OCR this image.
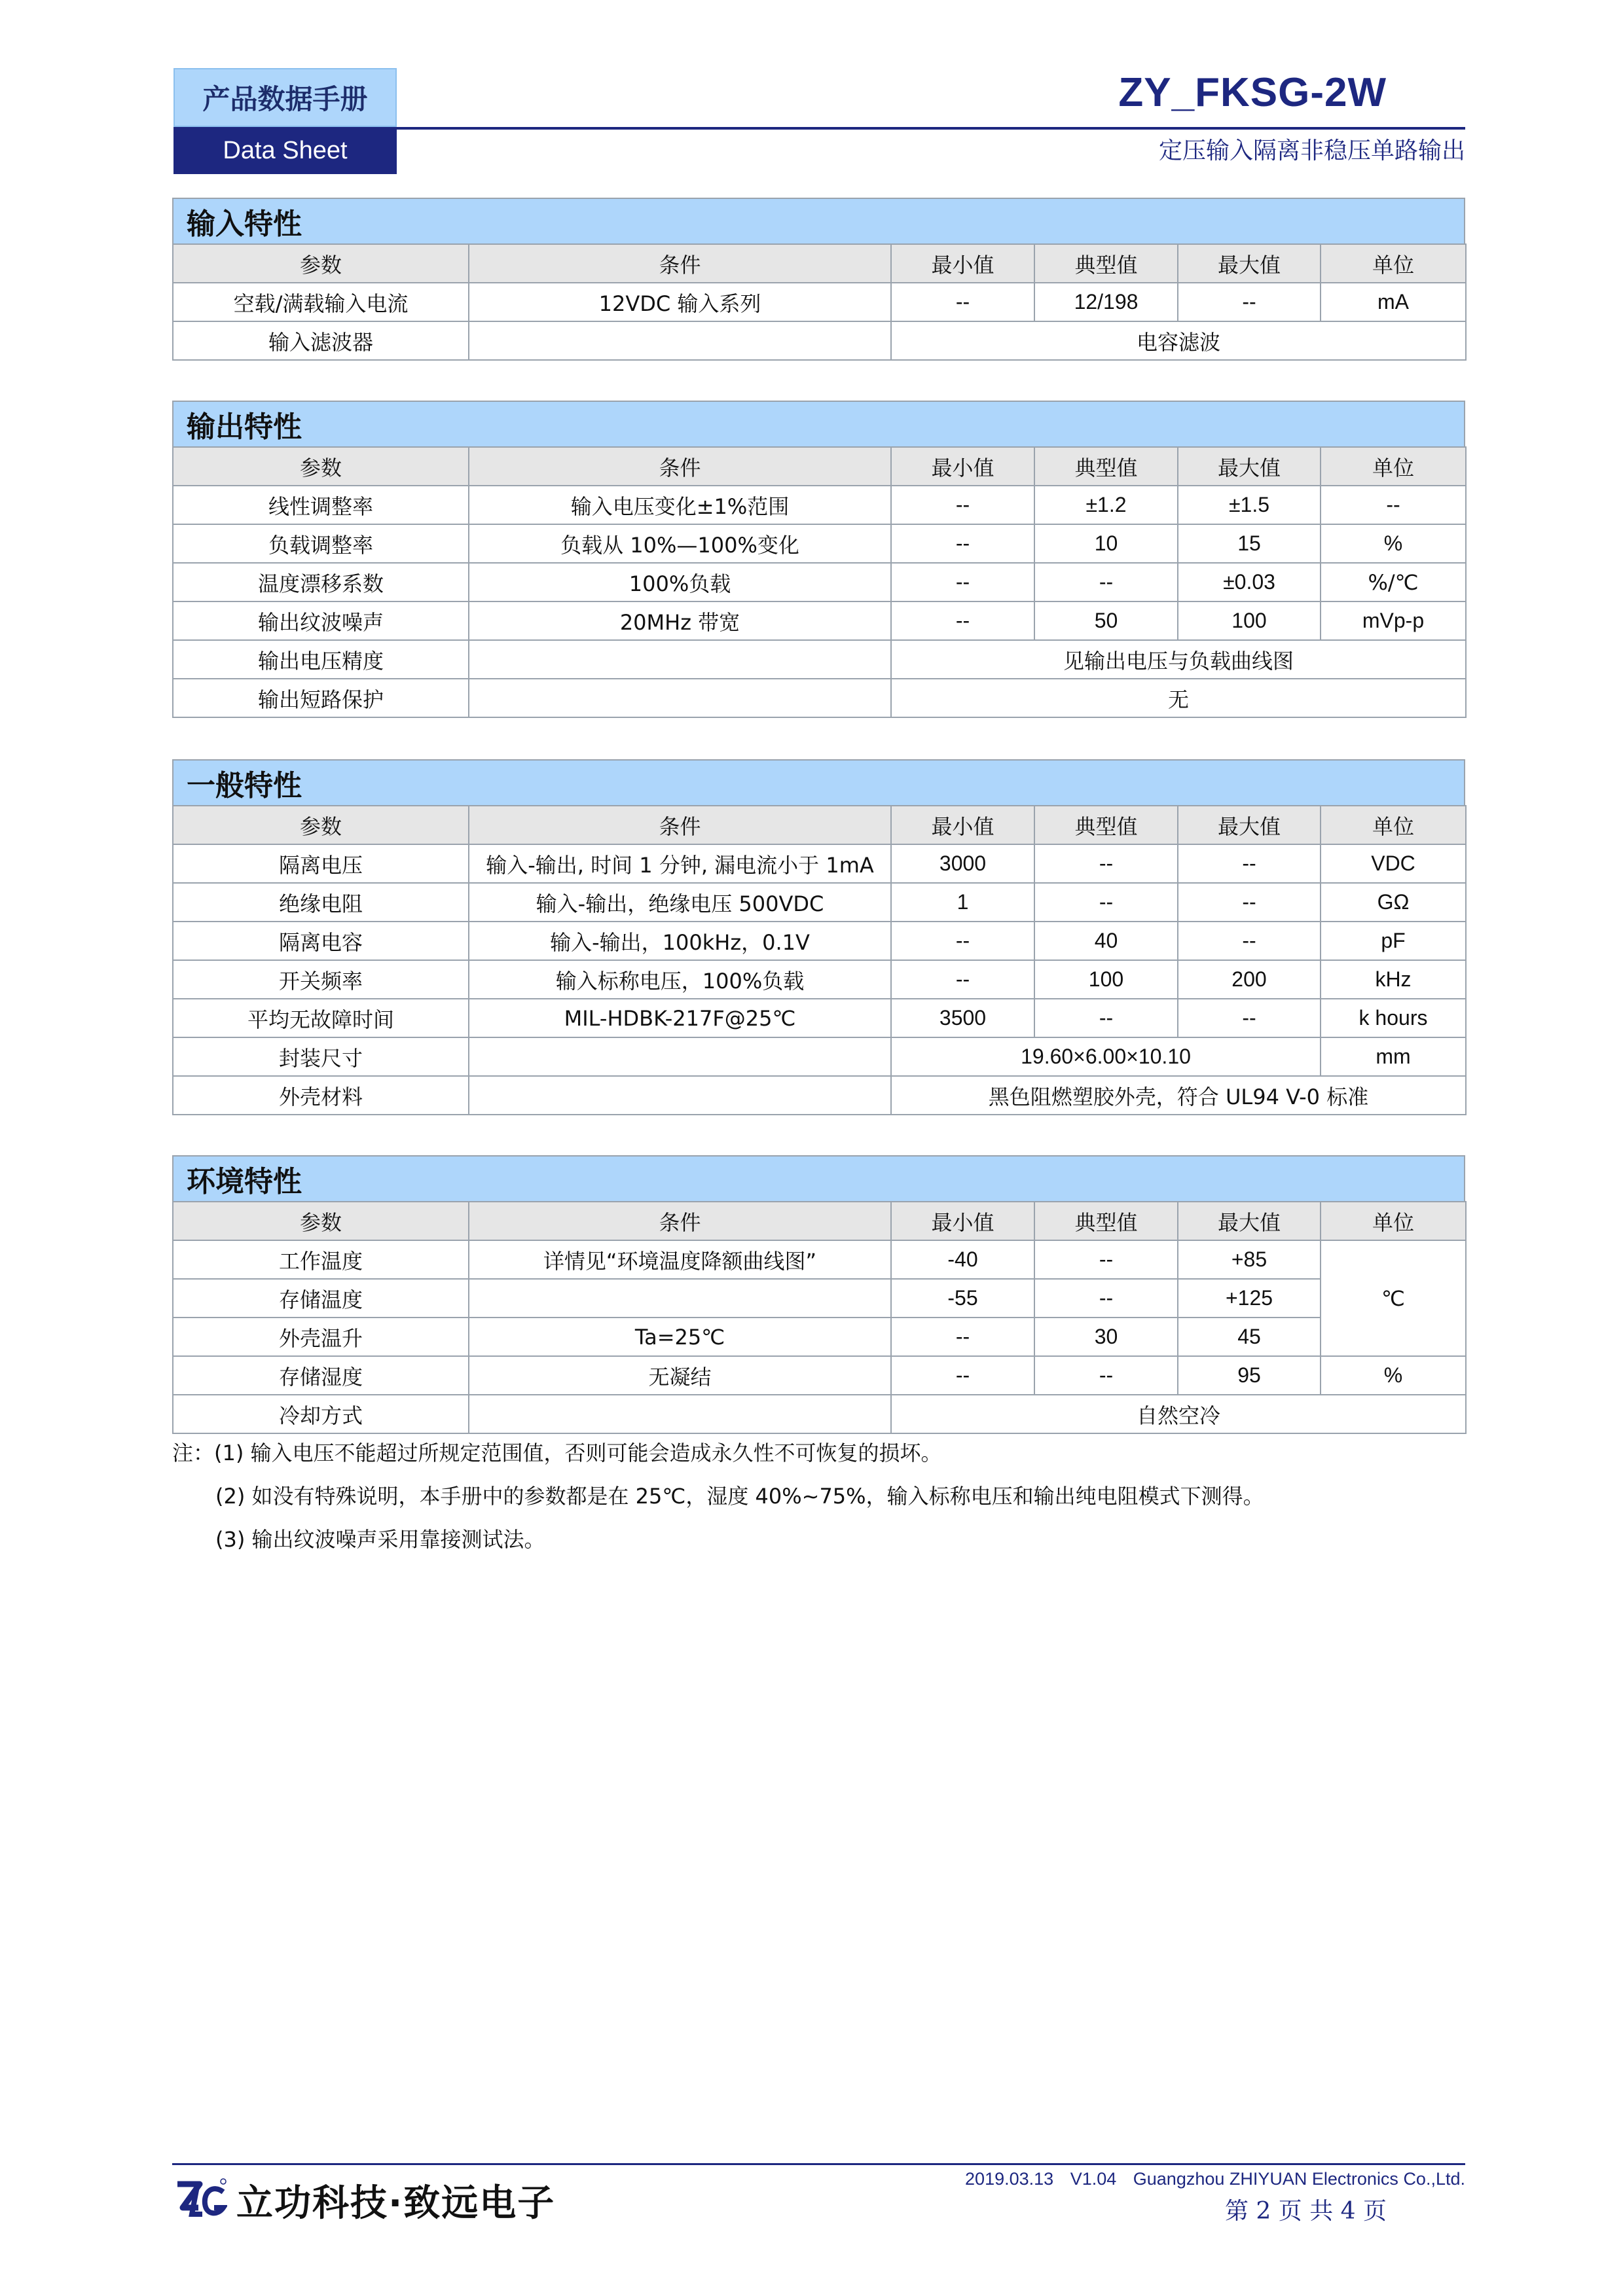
产品数据手册
Data Sheet
ZY_FKSG-2W
定压输入隔离非稳压单路输出
输入特性
参数	条件	最小值	典型值	最大值	单位
空载/满载输入电流	12VDC 输入系列	--	12/198	--	mA
输入滤波器		电容滤波			
输出特性
参数	条件	最小值	典型值	最大值	单位
线性调整率	输入电压变化±1%范围	--	±1.2	±1.5	--
负载调整率	负载从 10%—100%变化	--	10	15	%
温度漂移系数	100%负载	--	--	±0.03	%/℃
输出纹波噪声	20MHz 带宽	--	50	100	mVp-p
输出电压精度		见输出电压与负载曲线图			
输出短路保护		无			
一般特性
参数	条件	最小值	典型值	最大值	单位
隔离电压	输入-输出, 时间 1 分钟, 漏电流小于 1mA	3000	--	--	VDC
绝缘电阻	输入-输出，绝缘电压 500VDC	1	--	--	GΩ
隔离电容	输入-输出，100kHz，0.1V	--	40	--	pF
开关频率	输入标称电压，100%负载	--	100	200	kHz
平均无故障时间	MIL-HDBK-217F@25℃	3500	--	--	k hours
封装尺寸		19.60×6.00×10.10			mm
外壳材料		黑色阻燃塑胶外壳，符合 UL94 V-0 标准			
环境特性
参数	条件	最小值	典型值	最大值	单位
工作温度	详情见“环境温度降额曲线图”	-40	--	+85	℃
存储温度		-55	--	+125	
外壳温升	Ta=25℃	--	30	45	
存储湿度	无凝结	--	--	95	%
冷却方式		自然空冷			
注：(1) 输入电压不能超过所规定范围值，否则可能会造成永久性不可恢复的损坏。
(2) 如没有特殊说明，本手册中的参数都是在 25℃，湿度 40%~75%，输入标称电压和输出纯电阻模式下测得。
(3) 输出纹波噪声采用靠接测试法。
立功科技·致远电子
2019.03.13 V1.04 Guangzhou ZHIYUAN Electronics Co.,Ltd.
第 2 页 共 4 页
